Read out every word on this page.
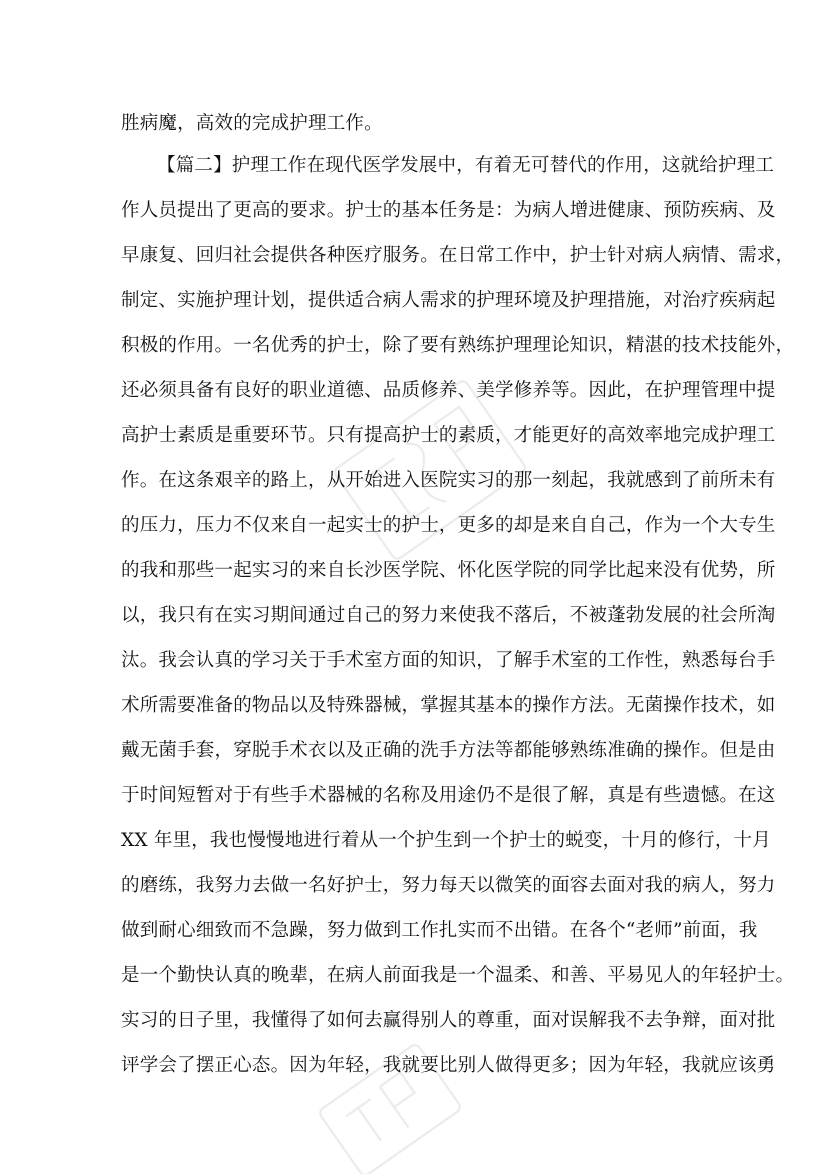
胜病魔，高效的完成护理工作。
【篇二】护理工作在现代医学发展中，有着无可替代的作用，这就给护理工
作人员提出了更高的要求。护士的基本任务是：为病人增进健康、预防疾病、及
早康复、回归社会提供各种医疗服务。在日常工作中，护士针对病人病情、需求，
制定、实施护理计划，提供适合病人需求的护理环境及护理措施，对治疗疾病起
积极的作用。一名优秀的护士，除了要有熟练护理理论知识，精湛的技术技能外，
还必须具备有良好的职业道德、品质修养、美学修养等。因此，在护理管理中提
高护士素质是重要环节。只有提高护士的素质，才能更好的高效率地完成护理工
作。在这条艰辛的路上，从开始进入医院实习的那一刻起，我就感到了前所未有
的压力，压力不仅来自一起实士的护士，更多的却是来自自己，作为一个大专生
的我和那些一起实习的来自长沙医学院、怀化医学院的同学比起来没有优势，所
以，我只有在实习期间通过自己的努力来使我不落后，不被蓬勃发展的社会所淘
汰。我会认真的学习关于手术室方面的知识，了解手术室的工作性，熟悉每台手
术所需要准备的物品以及特殊器械，掌握其基本的操作方法。无菌操作技术，如
戴无菌手套，穿脱手术衣以及正确的洗手方法等都能够熟练准确的操作。但是由
于时间短暂对于有些手术器械的名称及用途仍不是很了解，真是有些遗憾。在这
XX 年里，我也慢慢地进行着从一个护生到一个护士的蜕变，十月的修行，十月
的磨练，我努力去做一名好护士，努力每天以微笑的面容去面对我的病人，努力
做到耐心细致而不急躁，努力做到工作扎实而不出错。在各个“老师”前面，我
是一个勤快认真的晚辈，在病人前面我是一个温柔、和善、平易见人的年轻护士。
实习的日子里，我懂得了如何去赢得别人的尊重，面对误解我不去争辩，面对批
评学会了摆正心态。因为年轻，我就要比别人做得更多；因为年轻，我就应该勇
